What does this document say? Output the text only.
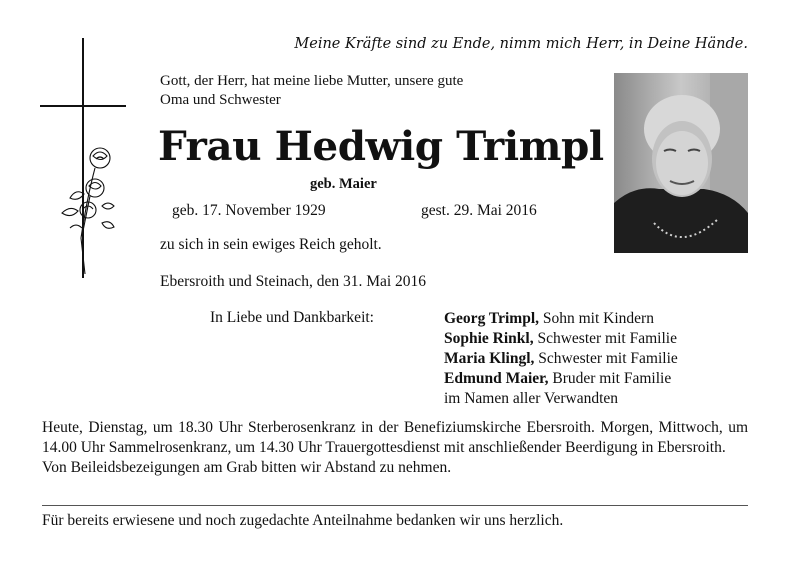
Meine Kräfte sind zu Ende, nimm mich Herr, in Deine Hände.
Gott, der Herr, hat meine liebe Mutter, unsere gute
Oma und Schwester
Frau Hedwig Trimpl
geb. Maier
geb. 17. November 1929	gest. 29. Mai 2016
zu sich in sein ewiges Reich geholt.
Ebersroith und Steinach, den 31. Mai 2016
In Liebe und Dankbarkeit:	Georg Trimpl, Sohn mit Kindern
Sophie Rinkl, Schwester mit Familie
Maria Klingl, Schwester mit Familie
Edmund Maier, Bruder mit Familie
im Namen aller Verwandten
Heute, Dienstag, um 18.30 Uhr Sterberosenkranz in der Benefiziumskirche Ebersroith. Morgen, Mittwoch, um 14.00 Uhr Sammelrosenkranz, um 14.30 Uhr Trauergottesdienst mit anschließender Beerdigung in Ebersroith.
Von Beileidsbezeigungen am Grab bitten wir Abstand zu nehmen.
Für bereits erwiesene und noch zugedachte Anteilnahme bedanken wir uns herzlich.
